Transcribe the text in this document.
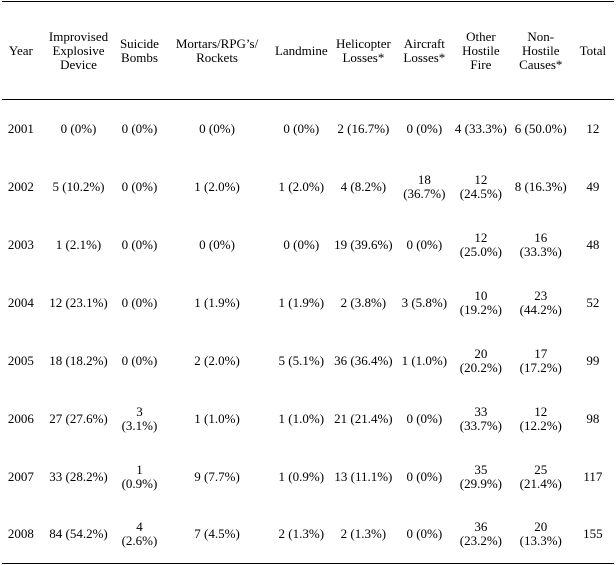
Year	Improvised Explosive Device	Suicide Bombs	Mortars/RPG’s/ Rockets	Landmine	Helicopter Losses*	Aircraft Losses*	Other Hostile Fire	Non-Hostile Causes*	Total
2001	0 (0%)	0 (0%)	0 (0%)	0 (0%)	2 (16.7%)	0 (0%)	4 (33.3%)	6 (50.0%)	12
2002	5 (10.2%)	0 (0%)	1 (2.0%)	1 (2.0%)	4 (8.2%)	18 (36.7%)	12 (24.5%)	8 (16.3%)	49
2003	1 (2.1%)	0 (0%)	0 (0%)	0 (0%)	19 (39.6%)	0 (0%)	12 (25.0%)	16 (33.3%)	48
2004	12 (23.1%)	0 (0%)	1 (1.9%)	1 (1.9%)	2 (3.8%)	3 (5.8%)	10 (19.2%)	23 (44.2%)	52
2005	18 (18.2%)	0 (0%)	2 (2.0%)	5 (5.1%)	36 (36.4%)	1 (1.0%)	20 (20.2%)	17 (17.2%)	99
2006	27 (27.6%)	3 (3.1%)	1 (1.0%)	1 (1.0%)	21 (21.4%)	0 (0%)	33 (33.7%)	12 (12.2%)	98
2007	33 (28.2%)	1 (0.9%)	9 (7.7%)	1 (0.9%)	13 (11.1%)	0 (0%)	35 (29.9%)	25 (21.4%)	117
2008	84 (54.2%)	4 (2.6%)	7 (4.5%)	2 (1.3%)	2 (1.3%)	0 (0%)	36 (23.2%)	20 (13.3%)	155
